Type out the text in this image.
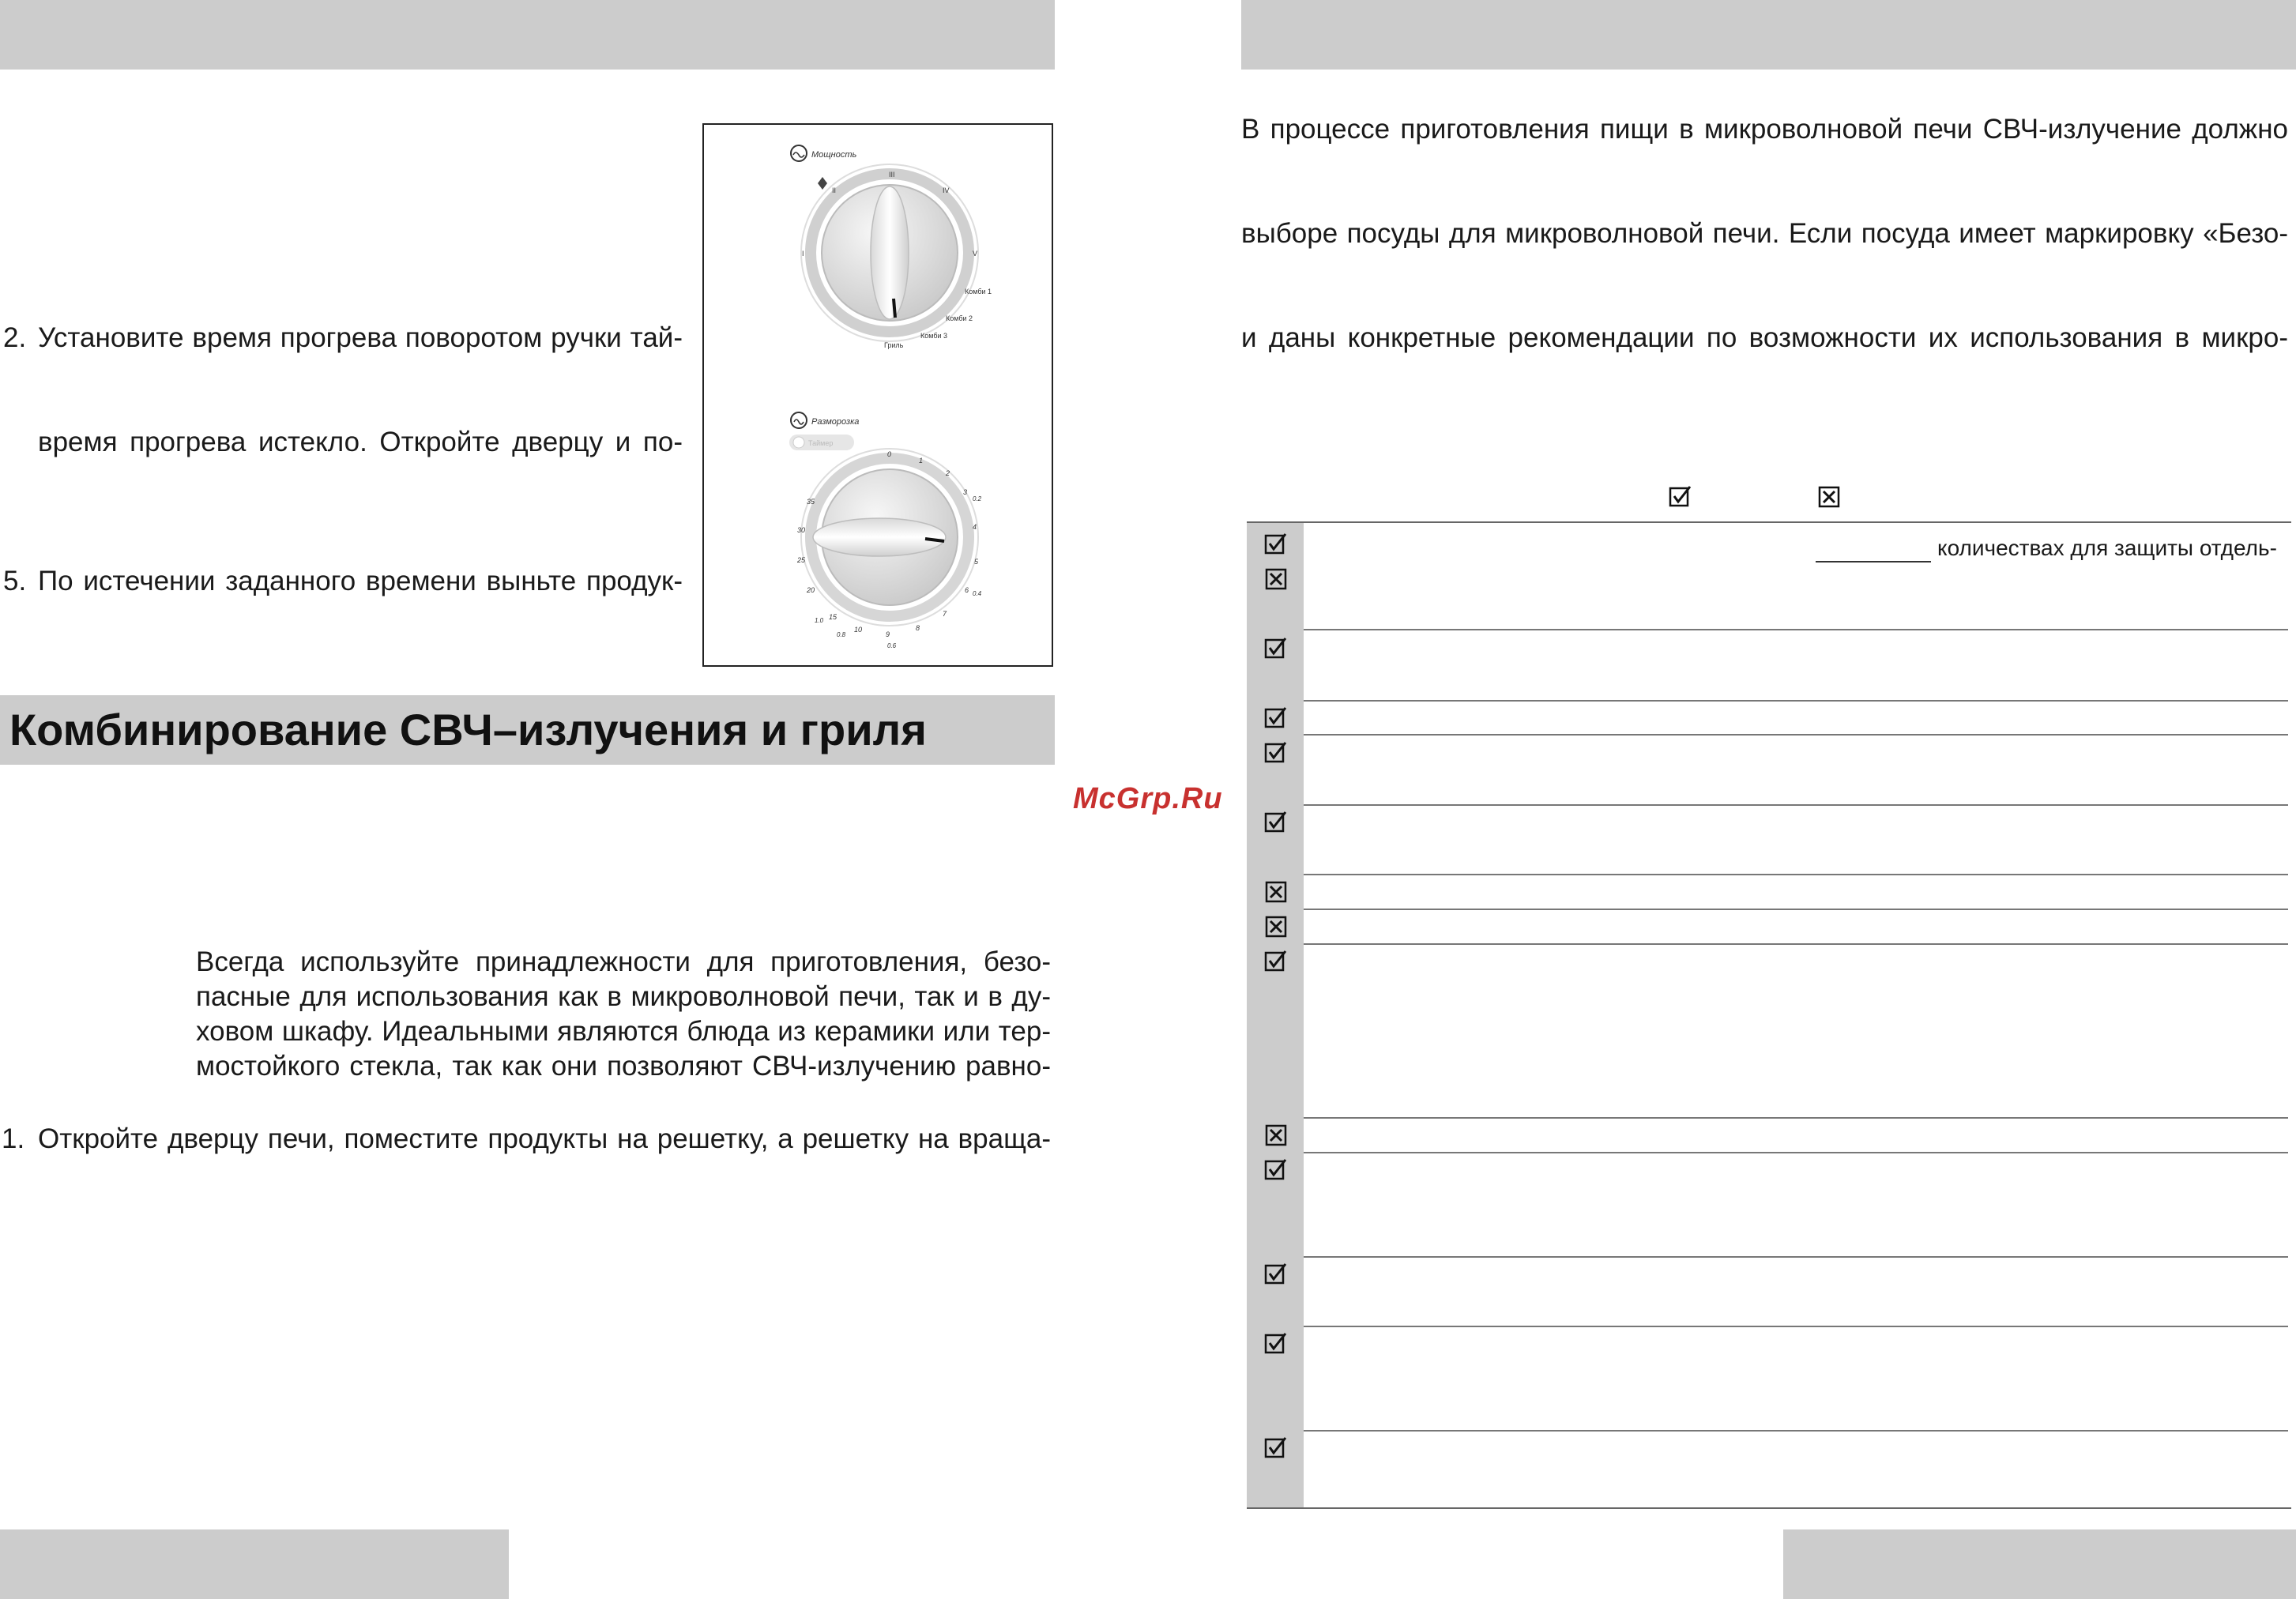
2. Установите время прогрева поворотом ручки тай-
время прогрева истекло. Откройте дверцу и по-
5. По истечении заданного времени выньте продук-
Мощность
III
II	IV
I	V
Комби 1
Комби 2
Комби 3
Гриль
Разморозка
Таймер
0
1
2
3
4
5
6
7
8
9
10
15
20
25
30
35	0.2
0.4
0.6
0.8
1.0
Комбинирование СВЧ–излучения и гриля
Всегда используйте принадлежности для приготовления, безо-
пасные для использования как в микроволновой печи, так и в ду-
ховом шкафу. Идеальными являются блюда из керамики или тер-
мостойкого стекла, так как они позволяют СВЧ-излучению равно-
1. Откройте дверцу печи, поместите продукты на решетку, а решетку на враща-
McGrp.Ru
В процессе приготовления пищи в микроволновой печи СВЧ-излучение должно
выборе посуды для микроволновой печи. Если посуда имеет маркировку «Безо-
и даны конкретные рекомендации по возможности их использования в микро-
количествах для защиты отдель-
